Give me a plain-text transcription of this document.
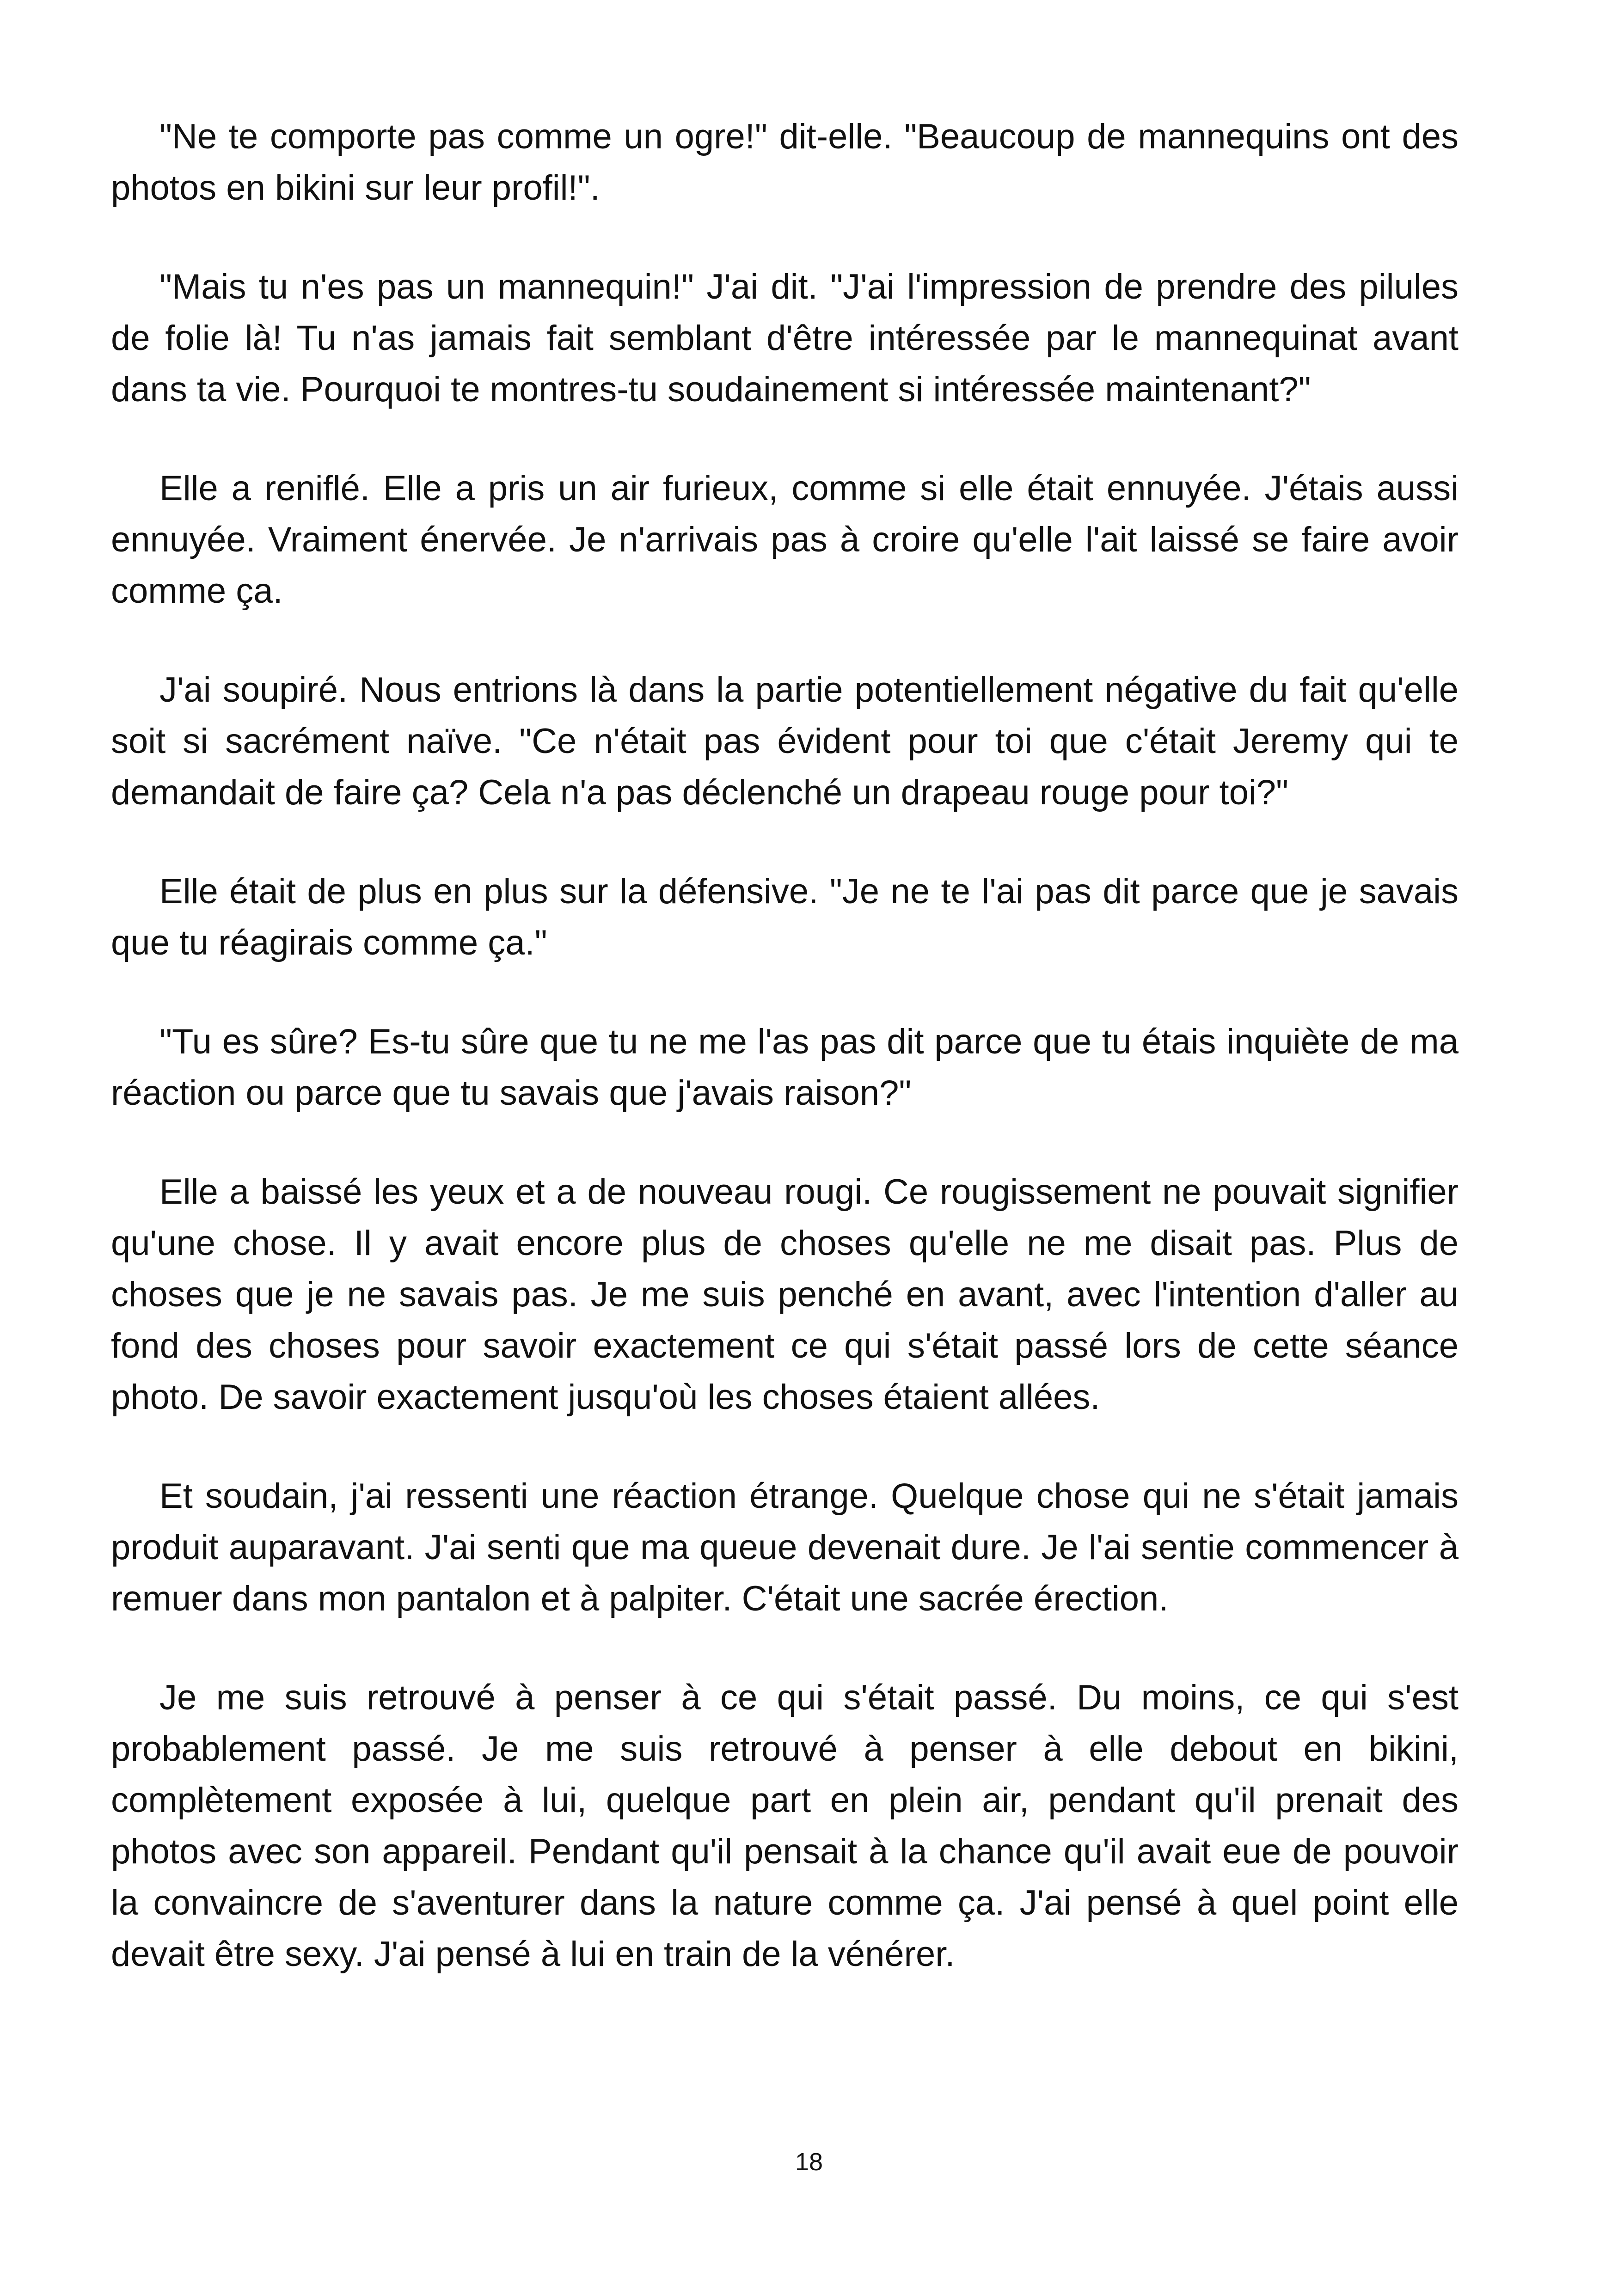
"Ne te comporte pas comme un ogre!" dit-elle. "Beaucoup de mannequins ont des photos en bikini sur leur profil!".

"Mais tu n'es pas un mannequin!" J'ai dit. "J'ai l'impression de prendre des pilules de folie là! Tu n'as jamais fait semblant d'être intéressée par le mannequinat avant dans ta vie. Pourquoi te montres-tu soudainement si intéressée maintenant?"

Elle a reniflé. Elle a pris un air furieux, comme si elle était ennuyée. J'étais aussi ennuyée. Vraiment énervée. Je n'arrivais pas à croire qu'elle l'ait laissé se faire avoir comme ça.

J'ai soupiré. Nous entrions là dans la partie potentiellement négative du fait qu'elle soit si sacrément naïve. "Ce n'était pas évident pour toi que c'était Jeremy qui te demandait de faire ça? Cela n'a pas déclenché un drapeau rouge pour toi?"

Elle était de plus en plus sur la défensive. "Je ne te l'ai pas dit parce que je savais que tu réagirais comme ça."

"Tu es sûre? Es-tu sûre que tu ne me l'as pas dit parce que tu étais inquiète de ma réaction ou parce que tu savais que j'avais raison?"

Elle a baissé les yeux et a de nouveau rougi. Ce rougissement ne pouvait signifier qu'une chose. Il y avait encore plus de choses qu'elle ne me disait pas. Plus de choses que je ne savais pas. Je me suis penché en avant, avec l'intention d'aller au fond des choses pour savoir exactement ce qui s'était passé lors de cette séance photo. De savoir exactement jusqu'où les choses étaient allées.

Et soudain, j'ai ressenti une réaction étrange. Quelque chose qui ne s'était jamais produit auparavant. J'ai senti que ma queue devenait dure. Je l'ai sentie commencer à remuer dans mon pantalon et à palpiter. C'était une sacrée érection.

Je me suis retrouvé à penser à ce qui s'était passé. Du moins, ce qui s'est probablement passé. Je me suis retrouvé à penser à elle debout en bikini, complètement exposée à lui, quelque part en plein air, pendant qu'il prenait des photos avec son appareil. Pendant qu'il pensait à la chance qu'il avait eue de pouvoir la convaincre de s'aventurer dans la nature comme ça. J'ai pensé à quel point elle devait être sexy. J'ai pensé à lui en train de la vénérer.

18
